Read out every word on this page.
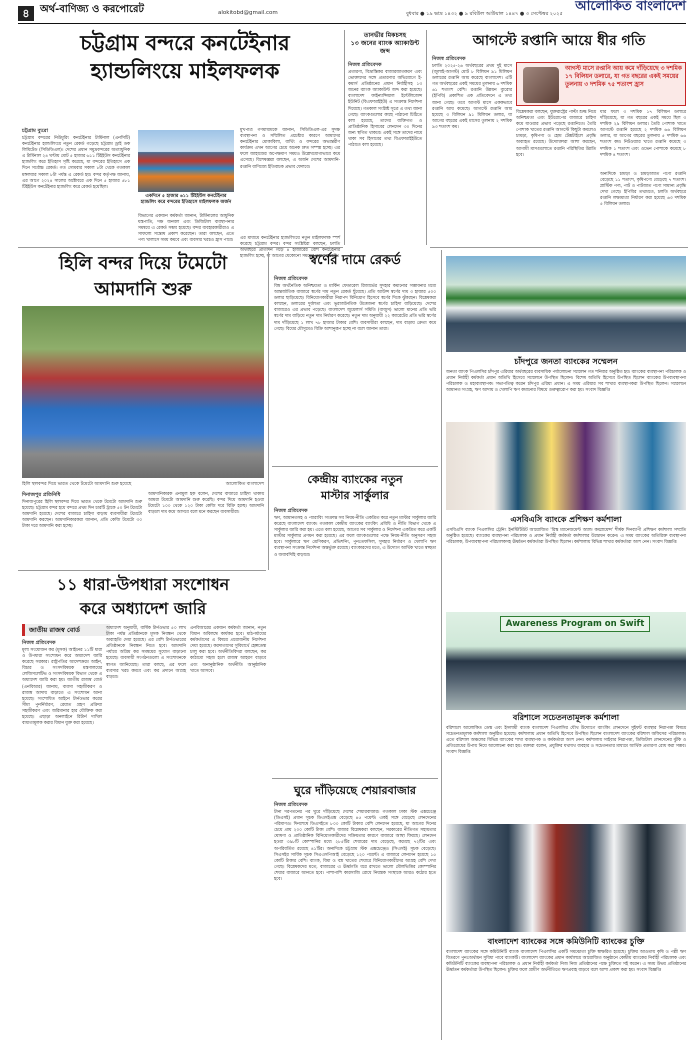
৪	অর্থ-বাণিজ্য ও করপোরেট	alokitobd@gmail.com	বুধবার ● ১৯ ভাদ্র ১৪৩২ ● ৯ রবিউল আউয়াল ১৪৪৭ ● ৩ সেপ্টেম্বর ২০২৫ আলোকিত বাংলাদেশ
চট্টগ্রাম বন্দরে কনটেইনার
হ্যান্ডলিংয়ে মাইলফলক
চট্টগ্রাম ব্যুরো
চট্টগ্রাম বন্দরের নিউমুরিং কনটেইনার টার্মিনাল (এনসিটি) কনটেইনার হ্যান্ডলিংয়ে নতুন রেকর্ড গড়েছে চট্টগ্রাম ড্রাই ডক লিমিটেড (সিডিডিএল)। দেশের প্রধান সমুদ্রবন্দরের অত্যাধুনিক এ টার্মিনাল ২৪ ঘণ্টায় মোট ৫ হাজার ৬১১ টিইইউস কনটেইনার হ্যান্ডলিং করে ইতিহাস সৃষ্টি করেছে, যা বন্দরের ইতিহাসে এক দিনে সর্বোচ্চ রেকর্ড। গত সোমবার সকাল ৮টা থেকে গতকাল মঙ্গলবার সকাল ৮টা পর্যন্ত এ রেকর্ড হয়। বন্দর কর্তৃপক্ষ জানায়, এর আগে ২০২৪ সালের অক্টোবরে এক দিনে ৫ হাজার ৫৮১ টিইইউস কনটেইনার হ্যান্ডলিং করে রেকর্ড হয়েছিল।
একদিনে ৫ হাজার ৬১১ টিইইউস কনটেইনার হ্যান্ডলিং করে বন্দরের ইতিহাসে মাইলফলক অর্জন
মুখপাত্র গণমাধ্যমকে জানান, সিডিডিএল-এর সুদক্ষ ব্যবস্থাপনা ও সম্মিলিত প্রচেষ্টার কারণে আমাদের কনটেইনার মোকাবিলা, বার্থিং ও বন্দরের অভ্যন্তরীণ কার্যক্রম এখন আগের চেয়ে অনেক দ্রুত সম্পন্ন হচ্ছে। এর ফলে জাহাজের অপেক্ষমাণ সময়ও উল্লেখযোগ্যভাবে কমে এসেছে। বিশেষজ্ঞরা বলছেন, এ অর্জন দেশের আমদানি-রপ্তানি বাণিজ্যে ইতিবাচক প্রভাব ফেলবে।
বিভাগের একজন কর্মকর্তা জানান, টার্মিনালের আধুনিক যন্ত্রপাতি, দক্ষ জনবল এবং ডিজিটাল ব্যবস্থাপনার সমন্বয়ে এ রেকর্ড সম্ভব হয়েছে। বন্দর ব্যবহারকারীরাও এ সাফল্যে সন্তোষ প্রকাশ করেছেন। তারা বলছেন, এতে পণ্য খালাসে সময় কমবে এবং ব্যবসার খরচও হ্রাস পাবে। এর মাধ্যমে কনটেইনার হ্যান্ডলিংয়ে নতুন মাইলফলক স্পর্শ করেছে চট্টগ্রাম বন্দর। বন্দর সংশ্লিষ্টরা বলছেন, চলতি অর্থবছরে প্রতিদিন গড়ে ৪ হাজারের বেশি কনটেইনার হ্যান্ডলিং হচ্ছে, যা আগের যেকোনো সময়ের তুলনায় বেশি।
তানভীর মিকচসহ
১৩ জনের ব্যাংক অ্যাকাউন্ট জব্দ
নিজস্ব প্রতিবেদক
প্রতারণা, বিভ্রান্তিকর বাজারজাতকরণ এবং ভোক্তাদের সঙ্গে প্রতারণার অভিযোগে ই-কমার্স প্রতিষ্ঠানের প্রধান নির্বাহীসহ ১৩ জনের ব্যাংক অ্যাকাউন্ট জব্দ করা হয়েছে। বাংলাদেশ ফাইন্যান্সিয়াল ইন্টেলিজেন্স ইউনিট (বিএফআইইউ) এ সংক্রান্ত নির্দেশনা দিয়েছে। গতকাল সংশ্লিষ্ট সূত্রে এ তথ্য জানা গেছে। ব্যাংকগুলোর কাছে পাঠানো চিঠিতে বলা হয়েছে, তাদের ব্যক্তিগত ও প্রাতিষ্ঠানিক হিসাবের লেনদেন ৩০ দিনের জন্য স্থগিত থাকবে। একই সঙ্গে তাদের নামে থাকা সব হিসাবের তথ্য বিএফআইইউতে পাঠাতে বলা হয়েছে।
আগস্টে রপ্তানি আয়ে ধীর গতি
নিজস্ব প্রতিবেদক
চলতি ২০২৫-২৬ অর্থবছরের প্রথম দুই মাসে (জুলাই-আগস্ট) মোট ৮ বিলিয়ন ৯১ মিলিয়ন ডলারের রপ্তানি আয় করেছে বাংলাদেশ। এটি গত অর্থবছরের একই সময়ের তুলনায় ৬ দশমিক ৬১ শতাংশ বেশি। রপ্তানি উন্নয়ন ব্যুরোর (ইপিবি) প্রকাশিত এক প্রতিবেদনে এ তথ্য জানা গেছে। তবে আগস্ট মাসে এককভাবে রপ্তানি আয় কমেছে। আগস্টে রপ্তানি আয় হয়েছে ৩ বিলিয়ন ৯১ মিলিয়ন ডলার, যা আগের বছরের একই মাসের তুলনায় ২ দশমিক ৯৩ শতাংশ কম।
বিশ্লেষকরা বলছেন, যুক্তরাষ্ট্রের পাল্টা শুল্ক নিয়ে অনিশ্চয়তা এবং ইউরোপের বাজারে চাহিদা কমে যাওয়ার প্রভাব পড়েছে রপ্তানিতে। তৈরি পোশাক খাতের রপ্তানি আগস্টে কিছুটা কমলেও চামড়া, কৃষিপণ্য ও হোম টেক্সটাইলে প্রবৃদ্ধি অব্যাহত রয়েছে। উদ্যোক্তারা আশা করছেন, আগামী মাসগুলোতে রপ্তানি পরিস্থিতির উন্নতি হবে।
আগস্ট মাসে রপ্তানি আয় কমে দাঁড়িয়েছে ৩ দশমিক ১৭ বিলিয়ন ডলারে, যা গত বছরের একই সময়ের তুলনায় ৩ দশমিক ৭৫ শতাংশ হ্রাস
যার ফলে ৩ দশমিক ১৭ বিলিয়ন ডলারে দাঁড়িয়েছে, যা গত বছরের একই সময়ে ছিল ৩ দশমিক ২৯ বিলিয়ন ডলার। তৈরি পোশাক খাতে আগস্টে রপ্তানি হয়েছে ২ দশমিক ৬৬ বিলিয়ন ডলার, যা আগের বছরের তুলনায় ৫ দশমিক ৬৬ শতাংশ কম। নিটওয়্যার খাতে রপ্তানি কমেছে ৩ দশমিক ১ শতাংশ এবং ওভেন পোশাকে কমেছে ৮ দশমিক ৪ শতাংশ।
অন্যদিকে চামড়া ও চামড়াজাত পণ্যে রপ্তানি বেড়েছে ১১ শতাংশ, কৃষিপণ্যে বেড়েছে ৭ শতাংশ। প্লাস্টিক পণ্য, পাট ও পাটজাত পণ্যে সামান্য প্রবৃদ্ধি দেখা গেছে। ইপিবির তথ্যমতে, চলতি অর্থবছরে রপ্তানি লক্ষ্যমাত্রা নির্ধারণ করা হয়েছে ৬৩ দশমিক ৫ বিলিয়ন ডলার।
হিলি বন্দর দিয়ে টমেটো
আমদানি শুরু
হিলি স্থলবন্দর দিয়ে ভারত থেকে টমেটো আমদানি শুরু হয়েছে	আলোকিত বাংলাদেশ
দিনাজপুর প্রতিনিধি
দিনাজপুরের হিলি স্থলবন্দর দিয়ে ভারত থেকে টমেটো আমদানি শুরু হয়েছে। চট্টগ্রাম বন্দর হয়ে বন্দরে প্রথম দিন চারটি ট্রাকে ৫০ টন টমেটো আমদানি হয়েছে। দেশের বাজারে চাহিদা বাড়ায় ব্যবসায়ীরা টমেটো আমদানি করছেন। আমদানিকারকরা জানান, প্রতি কেজি টমেটো ৩০ টাকা দরে আমদানি করা হচ্ছে।
আমদানিকারক এনামুল হক বলেন, দেশের বাজারে চাহিদা থাকায় আমরা টমেটো আমদানি শুরু করেছি। বন্দর দিয়ে আমদানি হওয়া টমেটো ১০০ থেকে ১২০ টাকা কেজি দরে বিক্রি হচ্ছে। আমদানি বাড়লে দাম কমে আসবে বলে মনে করছেন ব্যবসায়ীরা।
স্বর্ণের দামে রেকর্ড
নিজস্ব প্রতিবেদক
বিশ্ব অর্থনৈতিক অনিশ্চয়তা ও মার্কিন ফেডারেল রিজার্ভের সুদহার কমানোর সম্ভাবনার মধ্যে আন্তর্জাতিক বাজারে স্বর্ণের দাম নতুন রেকর্ড ছুঁয়েছে। প্রতি আউন্স স্বর্ণের দাম ৩ হাজার ৫০০ ডলার ছাড়িয়েছে। বিনিয়োগকারীরা নিরাপদ বিনিয়োগ হিসেবে স্বর্ণের দিকে ঝুঁকছেন। বিশ্লেষকরা বলছেন, ডলারের দুর্বলতা এবং ভূরাজনৈতিক উত্তেজনা স্বর্ণের চাহিদা বাড়িয়েছে। দেশের বাজারেও এর প্রভাব পড়েছে। বাংলাদেশ জুয়েলার্স সমিতি (বাজুস) ভালো মানের প্রতি ভরি স্বর্ণের দাম বাড়িয়ে নতুন দাম নির্ধারণ করেছে। নতুন দাম অনুযায়ী ২২ ক্যারেটের প্রতি ভরি স্বর্ণের দাম দাঁড়িয়েছে ১ লাখ ৭৮ হাজার টাকার বেশি। ব্যবসায়ীরা বলছেন, দাম বাড়ায় ক্রেতা কমে গেছে। বিয়ের মৌসুমেও বিক্রি আশানুরূপ হচ্ছে না বলে জানান তারা।
কেন্দ্রীয় ব্যাংকের নতুন
মাস্টার সার্কুলার
নিজস্ব প্রতিবেদক
ঋণ, আমানতসহ ও প্যারাবিং সংক্রান্ত সব নিয়ম-নীতি একত্রিত করে নতুন মাস্টার সার্কুলার জারি করেছে বাংলাদেশ ব্যাংক। গতকাল কেন্দ্রীয় ব্যাংকের ব্যাংকিং প্রবিধি ও নীতি বিভাগ থেকে এ সার্কুলার জারি করা হয়। এতে বলা হয়েছে, আগের সব সার্কুলার ও নির্দেশনা একত্রিত করে একটি মাস্টার সার্কুলার প্রণয়ন করা হয়েছে। এর ফলে ব্যাংকগুলোর পক্ষে নিয়ম-নীতি অনুসরণ সহজ হবে। সার্কুলারে ঋণ শ্রেণিকরণ, প্রভিশনিং, পুনঃতফসিল, সুদহার নির্ধারণ ও খেলাপি ঋণ ব্যবস্থাপনা সংক্রান্ত নির্দেশনা অন্তর্ভুক্ত রয়েছে। ব্যাংকারদের মতে, এ উদ্যোগ আর্থিক খাতে স্বচ্ছতা ও জবাবদিহি বাড়াবে।
১১ ধারা-উপধারা সংশোধন
করে অধ্যাদেশ জারি
জাতীয় রাজস্ব বোর্ড
নিজস্ব প্রতিবেদক
মূল্য সংযোজন কর (মূসক) আইনের ১১টি ধারা ও উপধারা সংশোধন করে অধ্যাদেশ জারি করেছে সরকার। রাষ্ট্রপতির আদেশক্রমে আইন, বিচার ও সংসদবিষয়ক মন্ত্রণালয়ের লেজিসলেটিভ ও সংসদবিষয়ক বিভাগ থেকে এ অধ্যাদেশ জারি করা হয়। জাতীয় রাজস্ব বোর্ড (এনবিআর) জানায়, ব্যবসা সহজীকরণ ও রাজস্ব আদায় বাড়াতে এ সংশোধন আনা হয়েছে। সংশোধিত আইনে টার্নওভার করের সীমা পুনর্নির্ধারণ, রেয়াত গ্রহণ প্রক্রিয়া সহজীকরণ এবং জরিমানার হার যৌক্তিক করা হয়েছে। এছাড়া অনলাইনে রিটার্ন দাখিল বাধ্যতামূলক করার বিধান যুক্ত করা হয়েছে।
অধ্যাদেশ অনুযায়ী, বার্ষিক টার্নওভার ৫০ লাখ টাকা পর্যন্ত প্রতিষ্ঠানকে মূসক নিবন্ধন থেকে অব্যাহতি দেয়া হয়েছে। এর বেশি টার্নওভারের প্রতিষ্ঠানকে নিবন্ধন নিতে হবে। আমদানি পর্যায়ে অগ্রিম কর সমন্বয়ের সুযোগ বাড়ানো হয়েছে। ব্যবসায়ী সংগঠনগুলো এ সংশোধনকে স্বাগত জানিয়েছে। তারা বলছে, এর ফলে ব্যবসার খরচ কমবে এবং কর প্রদানে আগ্রহ বাড়বে।
এনবিআরের একজন কর্মকর্তা জানান, নতুন বিধান অবিলম্বে কার্যকর হবে। মাঠপর্যায়ের কর্মকর্তাদের এ বিষয়ে প্রয়োজনীয় নির্দেশনা দেয়া হয়েছে। করদাতাদের সুবিধার্থে হেল্পডেস্ক চালু করা হবে। অর্থনীতিবিদরা বলছেন, কর কাঠামো সহজ হলে রাজস্ব আহরণ বাড়বে এবং অনানুষ্ঠানিক অর্থনীতি আনুষ্ঠানিক খাতে আসবে।
ঘুরে দাঁড়িয়েছে শেয়ারবাজার
নিজস্ব প্রতিবেদক
টানা দরপতনের পর ঘুরে দাঁড়িয়েছে দেশের শেয়ারবাজার। গতকাল ঢাকা স্টক এক্সচেঞ্জে (ডিএসই) প্রধান সূচক ডিএসইএক্স বেড়েছে ৪৫ পয়েন্ট। একই সঙ্গে বেড়েছে লেনদেনের পরিমাণও। দিনশেষে ডিএসইতে ৮০০ কোটি টাকার বেশি লেনদেন হয়েছে, যা আগের দিনের চেয়ে প্রায় ২০০ কোটি টাকা বেশি। বাজার বিশ্লেষকরা বলছেন, সরকারের নীতিগত সহায়তার ঘোষণা ও প্রাতিষ্ঠানিক বিনিয়োগকারীদের সক্রিয়তার কারণে বাজারে আস্থা ফিরছে। লেনদেন হওয়া ৩৯৮টি কোম্পানির মধ্যে ২৮৫টির শেয়ারের দাম বেড়েছে, কমেছে ৭২টির এবং অপরিবর্তিত রয়েছে ৪১টির। অন্যদিকে চট্টগ্রাম স্টক এক্সচেঞ্জেও (সিএসই) সূচক বেড়েছে। সিএসইর সার্বিক সূচক সিএএসপিআই বেড়েছে ১২০ পয়েন্ট। এ বাজারে লেনদেন হয়েছে ১৫ কোটি টাকার বেশি। ব্যাংক, বিমা ও বস্ত্র খাতের শেয়ারে বিনিয়োগকারীদের আগ্রহ বেশি দেখা গেছে। বিশ্লেষকদের মতে, বাজারের এ ঊর্ধ্বগতি ধরে রাখতে ভালো মৌলভিত্তির কোম্পানির শেয়ার বাজারে আনতে হবে। পাশাপাশি কারসাজি রোধে নিয়ন্ত্রক সংস্থাকে আরও কঠোর হতে হবে।
চাঁদপুরে জনতা ব্যাংকের সম্মেলন
জনতা ব্যাংক পিএলসির চাঁদপুর এরিয়ার অর্থবছরের ব্যবসায়িক পর্যালোচনা সম্মেলন গত শনিবার অনুষ্ঠিত হয়। ব্যাংকের ব্যবস্থাপনা পরিচালক ও প্রধান নির্বাহী কর্মকর্তা প্রধান অতিথি হিসেবে সম্মেলনে উপস্থিত ছিলেন। বিশেষ অতিথি হিসেবে উপস্থিত ছিলেন ব্যাংকের উপব্যবস্থাপনা পরিচালক ও মহাব্যবস্থাপক। সভাপতিত্ব করেন চাঁদপুর এরিয়া প্রধান। এ সময় এরিয়ার সব শাখার ব্যবস্থাপকরা উপস্থিত ছিলেন। সম্মেলনে আমানত সংগ্রহ, ঋণ আদায় ও খেলাপি ঋণ কমানোর বিষয়ে গুরুত্বারোপ করা হয়। সংবাদ বিজ্ঞপ্তি
এসবিএসি ব্যাংকে প্রশিক্ষণ কর্মশালা
এসবিএসি ব্যাংক পিএলসির ট্রেনিং ইনস্টিটিউট আয়োজিত 'রিস্ক ম্যানেজমেন্ট অ্যান্ড কমপ্লায়েন্স' শীর্ষক দিনব্যাপী প্রশিক্ষণ কর্মশালা সম্প্রতি অনুষ্ঠিত হয়েছে। ব্যাংকের ব্যবস্থাপনা পরিচালক ও প্রধান নির্বাহী কর্মকর্তা কর্মশালার উদ্বোধন করেন। এ সময় ব্যাংকের অতিরিক্ত ব্যবস্থাপনা পরিচালক, উপব্যবস্থাপনা পরিচালকসহ ঊর্ধ্বতন কর্মকর্তারা উপস্থিত ছিলেন। কর্মশালায় বিভিন্ন শাখার কর্মকর্তারা অংশ নেন। সংবাদ বিজ্ঞপ্তি
Awareness Program on Swift
বরিশালে সচেতনতামূলক কর্মশালা
বরিশালে আলোকিত ডেস্ক এবং ইসলামী ব্যাংক বাংলাদেশ পিএলসির যৌথ উদ্যোগে ব্যাংকিং লেনদেনে সুইফট ব্যবস্থার নিরাপত্তা বিষয়ে সচেতনতামূলক কর্মশালা অনুষ্ঠিত হয়েছে। কর্মশালায় প্রধান অতিথি হিসেবে উপস্থিত ছিলেন বাংলাদেশ ব্যাংকের বরিশাল অফিসের পরিচালক। এতে বরিশাল অঞ্চলের বিভিন্ন ব্যাংকের শাখা ব্যবস্থাপক ও কর্মকর্তারা অংশ নেন। কর্মশালায় সাইবার নিরাপত্তা, ডিজিটাল লেনদেনের ঝুঁকি ও প্রতিরোধের উপায় নিয়ে আলোচনা করা হয়। বক্তারা বলেন, প্রযুক্তির যথাযথ ব্যবহার ও সচেতনতার মাধ্যমে আর্থিক প্রতারণা রোধ করা সম্ভব। সংবাদ বিজ্ঞপ্তি
বাংলাদেশ ব্যাংকের সঙ্গে কমিউনিটি ব্যাংকের চুক্তি
বাংলাদেশ ব্যাংকের সঙ্গে কমিউনিটি ব্যাংক বাংলাদেশ পিএলসির একটি সমঝোতা চুক্তি স্বাক্ষরিত হয়েছে। চুক্তির আওতায় কৃষি ও পল্লী ঋণ বিতরণে পুনঃঅর্থায়ন সুবিধা পাবে ব্যাংকটি। বাংলাদেশ ব্যাংকের প্রধান কার্যালয়ে আয়োজিত অনুষ্ঠানে কেন্দ্রীয় ব্যাংকের নির্বাহী পরিচালক এবং কমিউনিটি ব্যাংকের ব্যবস্থাপনা পরিচালক ও প্রধান নির্বাহী কর্মকর্তা নিজ নিজ প্রতিষ্ঠানের পক্ষে চুক্তিতে সই করেন। এ সময় উভয় প্রতিষ্ঠানের ঊর্ধ্বতন কর্মকর্তারা উপস্থিত ছিলেন। চুক্তির ফলে গ্রামীণ অর্থনীতিতে ঋণপ্রবাহ বাড়বে বলে আশা প্রকাশ করা হয়। সংবাদ বিজ্ঞপ্তি
